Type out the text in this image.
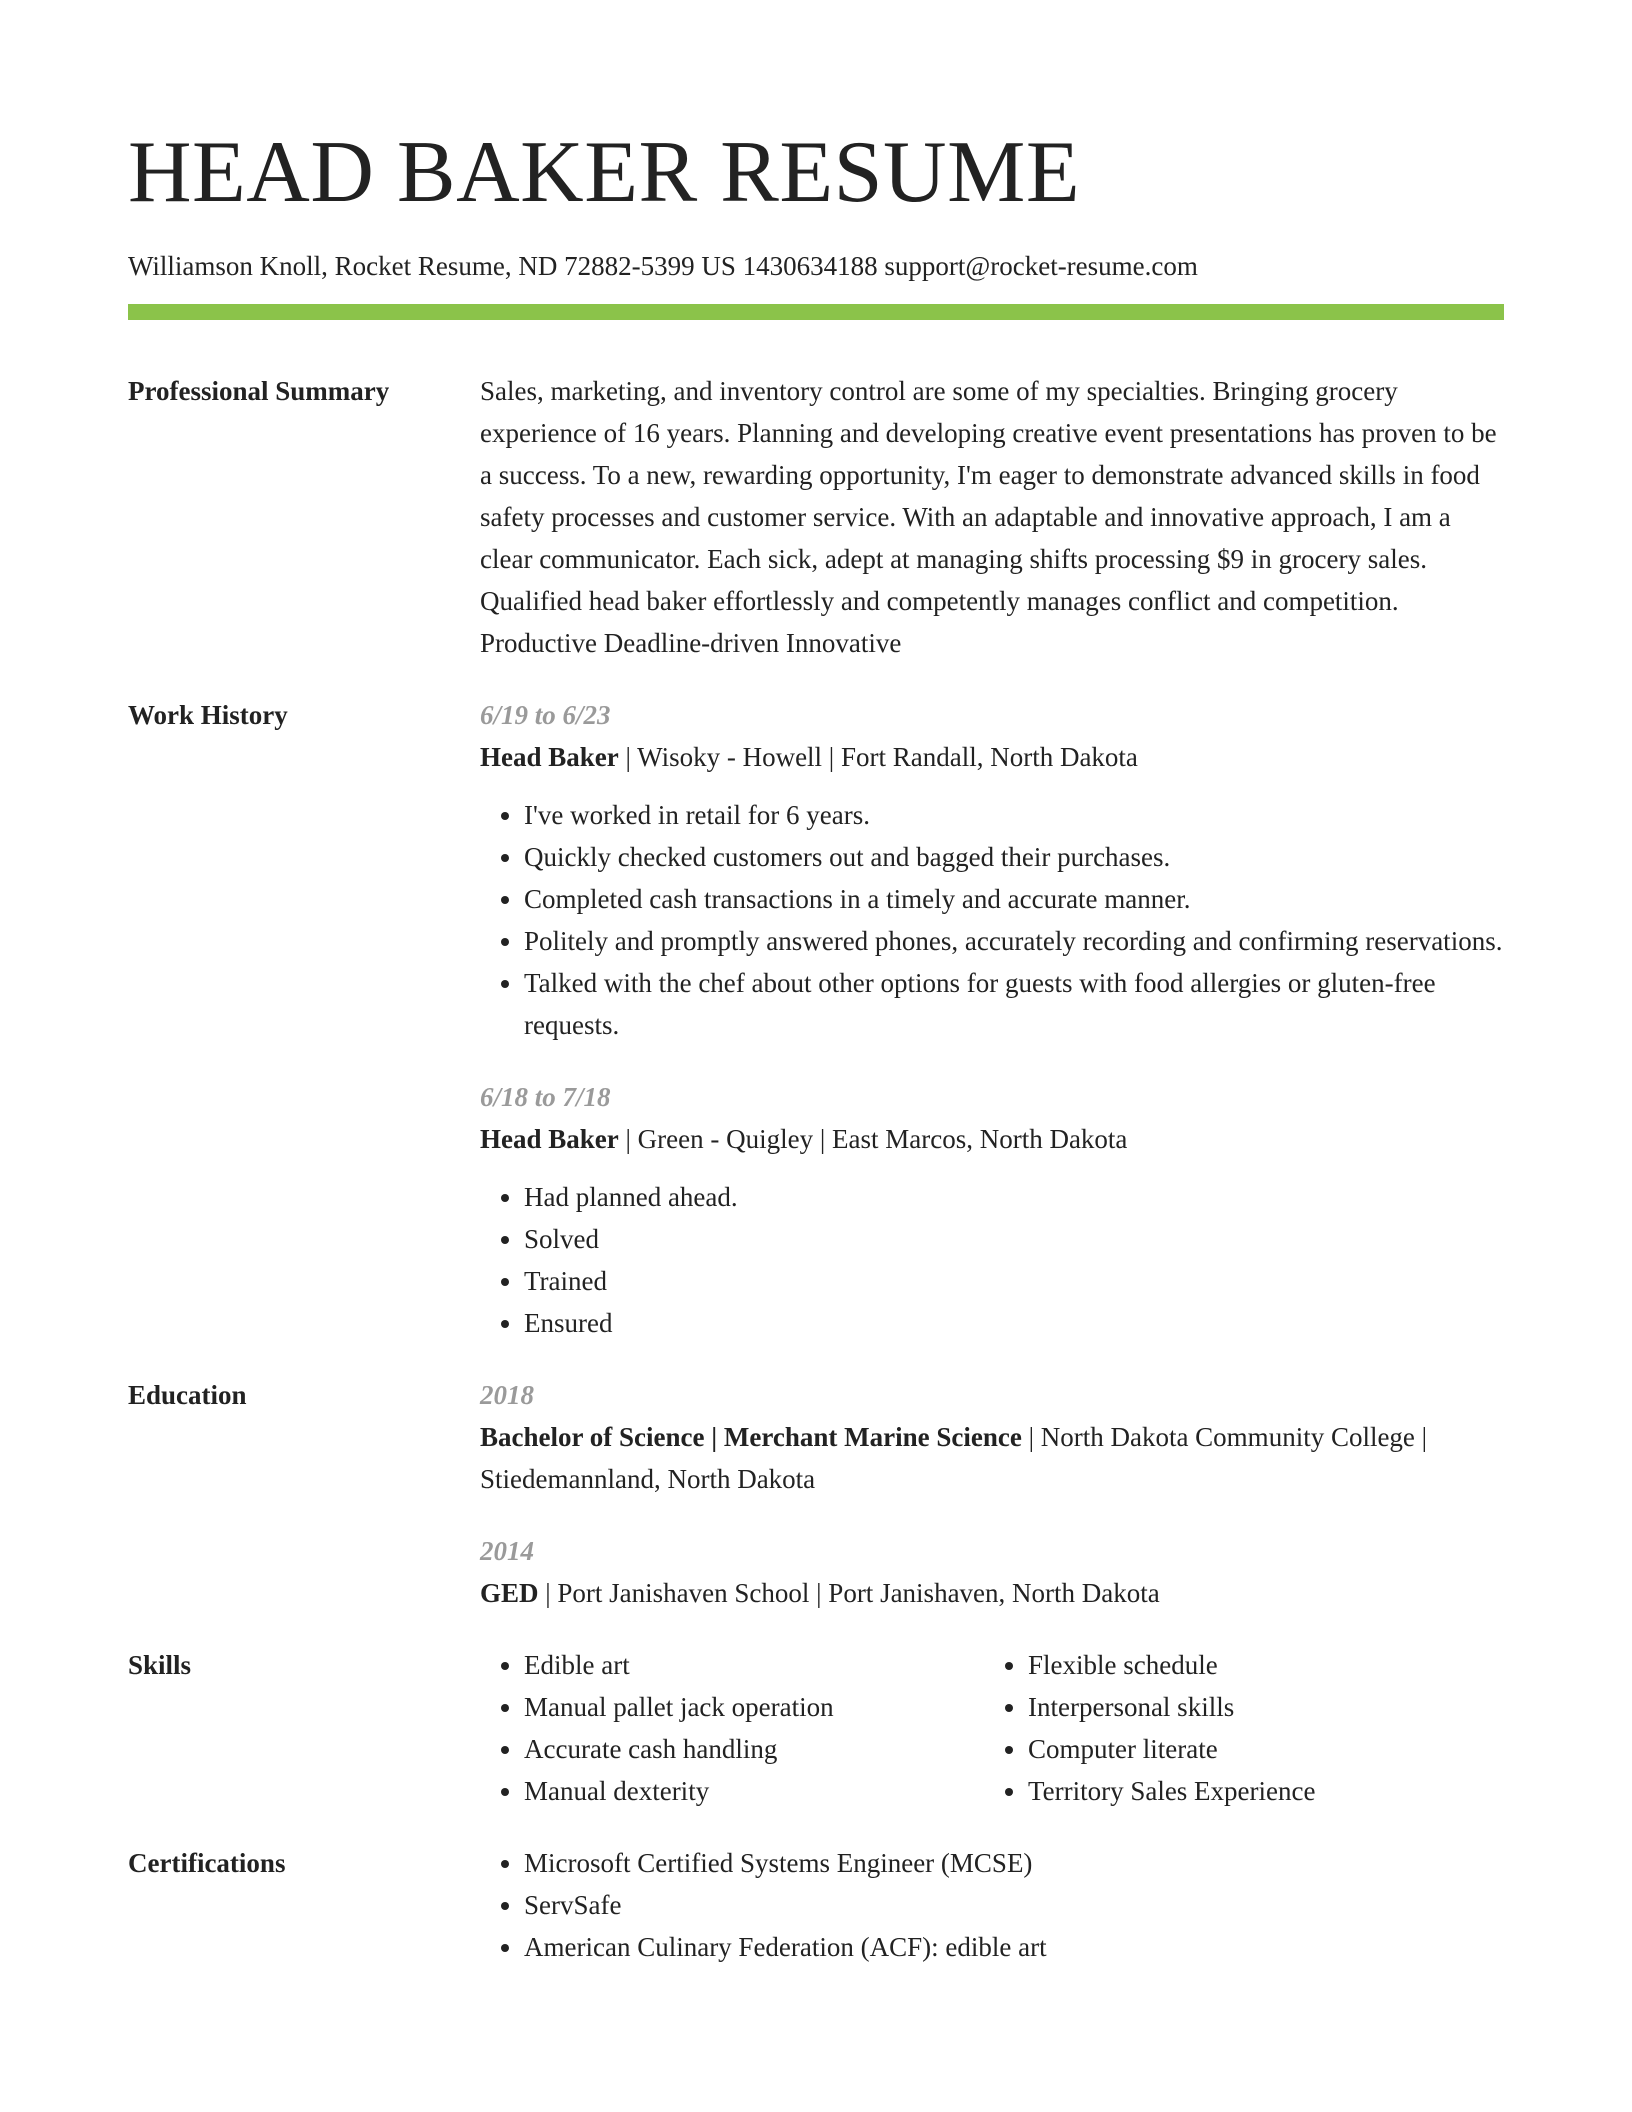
HEAD BAKER RESUME
Williamson Knoll, Rocket Resume, ND 72882-5399 US 1430634188 support@rocket-resume.com
Professional Summary	Sales, marketing, and inventory control are some of my specialties. Bringing grocery experience of 16 years. Planning and developing creative event presentations has proven to be a success. To a new, rewarding opportunity, I'm eager to demonstrate advanced skills in food safety processes and customer service. With an adaptable and innovative approach, I am a clear communicator. Each sick, adept at managing shifts processing $9 in grocery sales. Qualified head baker effortlessly and competently manages conflict and competition. Productive Deadline-driven Innovative
Work History	6/19 to 6/23
Head Baker | Wisoky - Howell | Fort Randall, North Dakota
• I've worked in retail for 6 years.
• Quickly checked customers out and bagged their purchases.
• Completed cash transactions in a timely and accurate manner.
• Politely and promptly answered phones, accurately recording and confirming reservations.
• Talked with the chef about other options for guests with food allergies or gluten-free requests.
6/18 to 7/18
Head Baker | Green - Quigley | East Marcos, North Dakota
• Had planned ahead.
• Solved
• Trained
• Ensured
Education	2018
Bachelor of Science | Merchant Marine Science | North Dakota Community College | Stiedemannland, North Dakota
2014
GED | Port Janishaven School | Port Janishaven, North Dakota
Skills	• Edible art
• Manual pallet jack operation
• Accurate cash handling
• Manual dexterity
• Flexible schedule
• Interpersonal skills
• Computer literate
• Territory Sales Experience
Certifications	• Microsoft Certified Systems Engineer (MCSE)
• ServSafe
• American Culinary Federation (ACF): edible art
